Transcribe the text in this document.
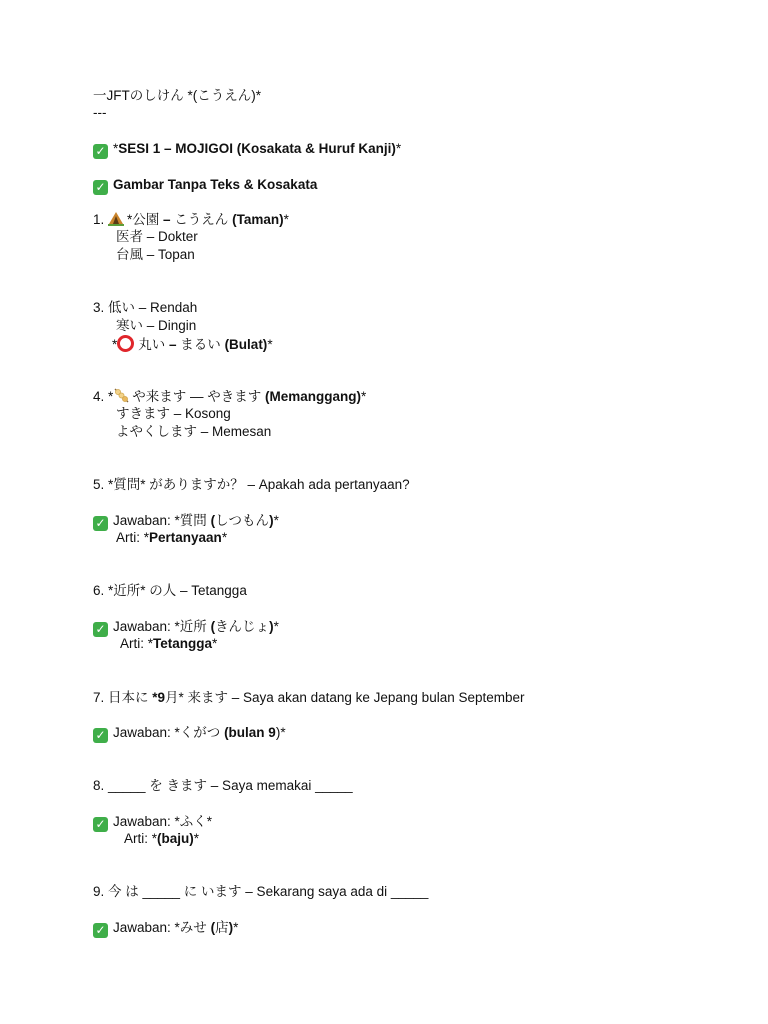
一JFTのしけん *(こうえん)*
---
✓ *SESI 1 – MOJIGOI (Kosakata & Huruf Kanji)*
✓ Gambar Tanpa Teks & Kosakata
1. *公園 – こうえん (Taman)*
医者 – Dokter
台風 – Topan
3. 低い – Rendah
寒い – Dingin
* 丸い – まるい (Bulat)*
4. * や来ます ― やきます (Memanggang)*
すきます – Kosong
よやくします – Memesan
5. *質問* がありますか？ – Apakah ada pertanyaan?
✓ Jawaban: *質問 (しつもん)*
Arti: *Pertanyaan*
6. *近所* の人 – Tetangga
✓ Jawaban: *近所 (きんじょ)*
Arti: *Tetangga*
7. 日本に *9月* 来ます – Saya akan datang ke Jepang bulan September
✓ Jawaban: *くがつ (bulan 9)*
8. _____ を きます – Saya memakai _____
✓ Jawaban: *ふく*
Arti: *(baju)*
9. 今 は _____ に います – Sekarang saya ada di _____
✓ Jawaban: *みせ (店)*
